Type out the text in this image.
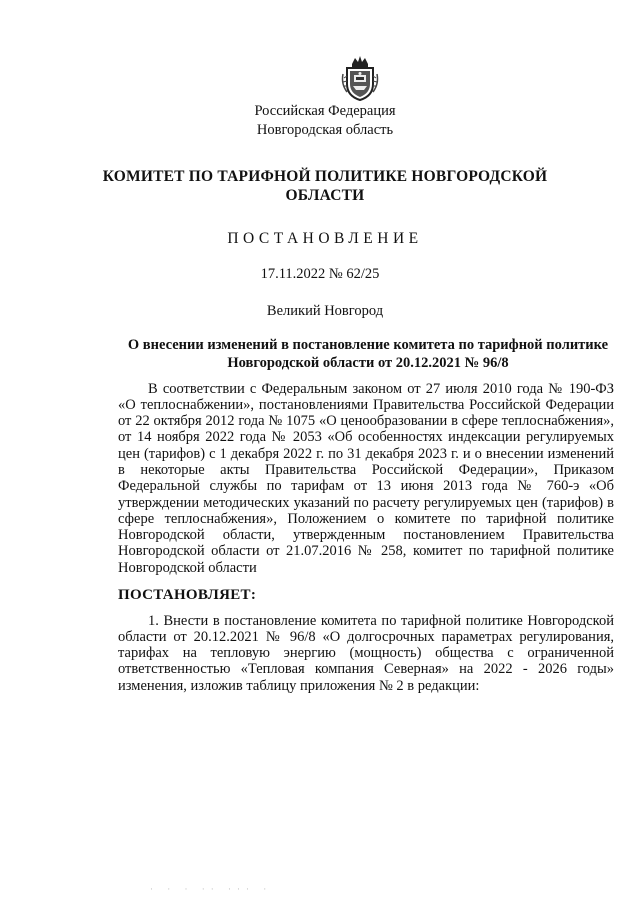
Российская Федерация
Новгородская область
КОМИТЕТ ПО ТАРИФНОЙ ПОЛИТИКЕ НОВГОРОДСКОЙ
ОБЛАСТИ
ПОСТАНОВЛЕНИЕ
17.11.2022 № 62/25
Великий Новгород
О внесении изменений в постановление комитета по тарифной политике
Новгородской области от 20.12.2021 № 96/8

В соответствии с Федеральным законом от 27 июля 2010 года № 190-ФЗ «О теплоснабжении», постановлениями Правительства Российской Федерации от 22 октября 2012 года № 1075 «О ценообразовании в сфере теплоснабжения», от 14 ноября 2022 года № 2053 «Об особенностях индексации регулируемых цен (тарифов) с 1 декабря 2022 г. по 31 декабря 2023 г. и о внесении изменений в некоторые акты Правительства Российской Федерации», Приказом Федеральной службы по тарифам от 13 июня 2013 года № 760-э «Об утверждении методических указаний по расчету регулируемых цен (тарифов) в сфере теплоснабжения», Положением о комитете по тарифной политике Новгородской области, утвержденным постановлением Правительства Новгородской области от 21.07.2016 № 258, комитет по тарифной политике Новгородской области

ПОСТАНОВЛЯЕТ:

1. Внести в постановление комитета по тарифной политике Новгородской области от 20.12.2021 № 96/8 «О долгосрочных параметрах регулирования, тарифах на тепловую энергию (мощность) общества с ограниченной ответственностью «Тепловая компания Северная» на 2022 - 2026 годы» изменения, изложив таблицу приложения № 2 в редакции:

· · · ·· ··· ·
